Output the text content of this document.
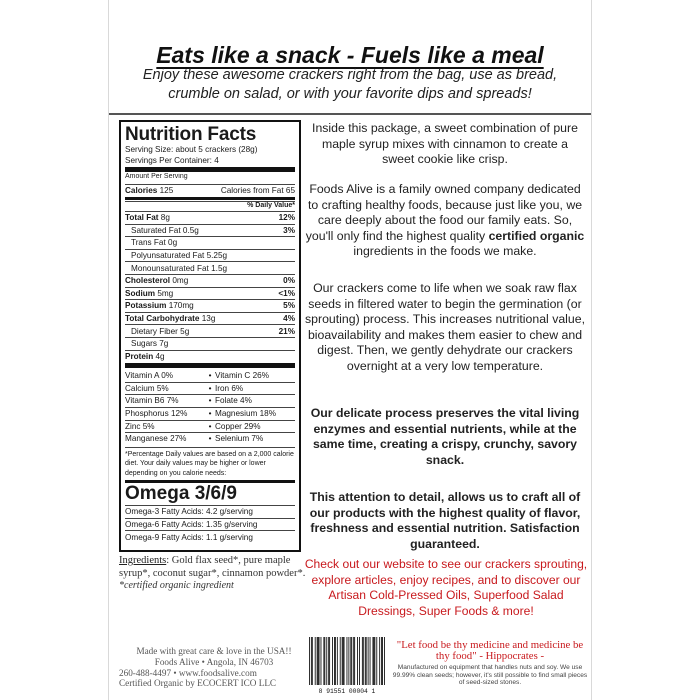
Eats like a snack - Fuels like a meal
Enjoy these awesome crackers right from the bag, use as bread,
crumble on salad, or with your favorite dips and spreads!
Nutrition Facts
Serving Size: about 5 crackers (28g)
Servings Per Container: 4
Amount Per Serving
Calories 125	Calories from Fat 65
% Daily Value*
Total Fat 8g	12%
Saturated Fat 0.5g	3%
Trans Fat 0g
Polyunsaturated Fat 5.25g
Monounsaturated Fat 1.5g
Cholesterol 0mg	0%
Sodium 5mg	<1%
Potassium 170mg	5%
Total Carbohydrate 13g	4%
Dietary Fiber 5g	21%
Sugars 7g
Protein 4g
Vitamin A 0%	• Vitamin C 26%
Calcium 5%	• Iron 6%
Vitamin B6 7%	• Folate 4%
Phosphorus 12%	• Magnesium 18%
Zinc 5%	• Copper 29%
Manganese 27%	• Selenium 7%
*Percentage Daily values are based on a 2,000 calorie diet. Your daily values may be higher or lower depending on you calorie needs:
Omega 3/6/9
Omega-3 Fatty Acids: 4.2 g/serving
Omega-6 Fatty Acids: 1.35 g/serving
Omega-9 Fatty Acids: 1.1 g/serving
Ingredients: Gold flax seed*, pure maple syrup*, coconut sugar*, cinnamon powder*.
*certified organic ingredient
Inside this package, a sweet combination of pure maple syrup mixes with cinnamon to create a sweet cookie like crisp.
Foods Alive is a family owned company dedicated to crafting healthy foods, because just like you, we care deeply about the food our family eats. So, you'll only find the highest quality certified organic ingredients in the foods we make.
Our crackers come to life when we soak raw flax seeds in filtered water to begin the germination (or sprouting) process. This increases nutritional value, bioavailability and makes them easier to chew and digest. Then, we gently dehydrate our crackers overnight at a very low temperature.
Our delicate process preserves the vital living enzymes and essential nutrients, while at the same time, creating a crispy, crunchy, savory snack.
This attention to detail, allows us to craft all of our products with the highest quality of flavor, freshness and essential nutrition. Satisfaction guaranteed.
Check out our website to see our crackers sprouting, explore articles, enjoy recipes, and to discover our Artisan Cold-Pressed Oils, Superfood Salad Dressings, Super Foods & more!
Made with great care & love in the USA!!
Foods Alive • Angola, IN 46703
260-488-4497 • www.foodsalive.com
Certified Organic by ECOCERT ICO LLC
8 91551 00004 1
"Let food be thy medicine and medicine be thy food" - Hippocrates -
Manufactured on equipment that handles nuts and soy. We use 99.99% clean seeds; however, it's still possible to find small pieces of seed-sized stones.
